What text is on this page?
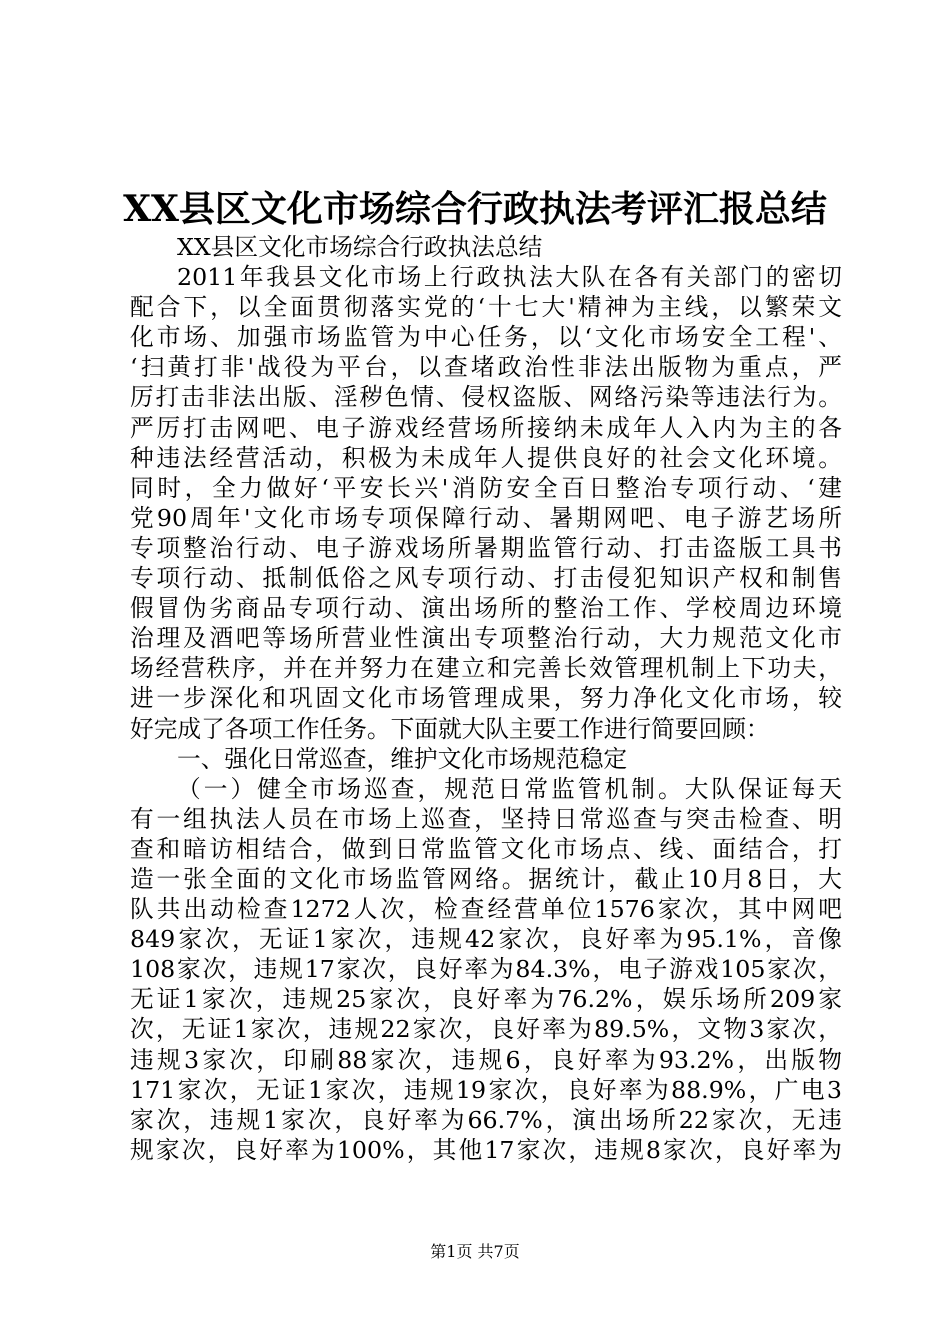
XX县区文化市场综合行政执法考评汇报总结
XX县区文化市场综合行政执法总结
2011年我县文化市场上行政执法大队在各有关部门的密切
配合下，以全面贯彻落实党的‘十七大'精神为主线，以繁荣文
化市场、加强市场监管为中心任务，以‘文化市场安全工程'、
‘扫黄打非'战役为平台，以查堵政治性非法出版物为重点，严
厉打击非法出版、淫秽色情、侵权盗版、网络污染等违法行为。
严厉打击网吧、电子游戏经营场所接纳未成年人入内为主的各
种违法经营活动，积极为未成年人提供良好的社会文化环境。
同时，全力做好‘平安长兴'消防安全百日整治专项行动、‘建
党90周年'文化市场专项保障行动、暑期网吧、电子游艺场所
专项整治行动、电子游戏场所暑期监管行动、打击盗版工具书
专项行动、抵制低俗之风专项行动、打击侵犯知识产权和制售
假冒伪劣商品专项行动、演出场所的整治工作、学校周边环境
治理及酒吧等场所营业性演出专项整治行动，大力规范文化市
场经营秩序，并在并努力在建立和完善长效管理机制上下功夫，
进一步深化和巩固文化市场管理成果，努力净化文化市场，较
好完成了各项工作任务。下面就大队主要工作进行简要回顾：
一、强化日常巡查，维护文化市场规范稳定
（一）健全市场巡查，规范日常监管机制。大队保证每天
有一组执法人员在市场上巡查，坚持日常巡查与突击检查、明
查和暗访相结合，做到日常监管文化市场点、线、面结合，打
造一张全面的文化市场监管网络。据统计，截止10月8日，大
队共出动检查1272人次，检查经营单位1576家次，其中网吧
849家次，无证1家次，违规42家次，良好率为95.1%，音像
108家次，违规17家次，良好率为84.3%，电子游戏105家次，
无证1家次，违规25家次，良好率为76.2%，娱乐场所209家
次，无证1家次，违规22家次，良好率为89.5%，文物3家次，
违规3家次，印刷88家次，违规6，良好率为93.2%，出版物
171家次，无证1家次，违规19家次，良好率为88.9%，广电3
家次，违规1家次，良好率为66.7%，演出场所22家次，无违
规家次，良好率为100%，其他17家次，违规8家次，良好率为
第1页 共7页
